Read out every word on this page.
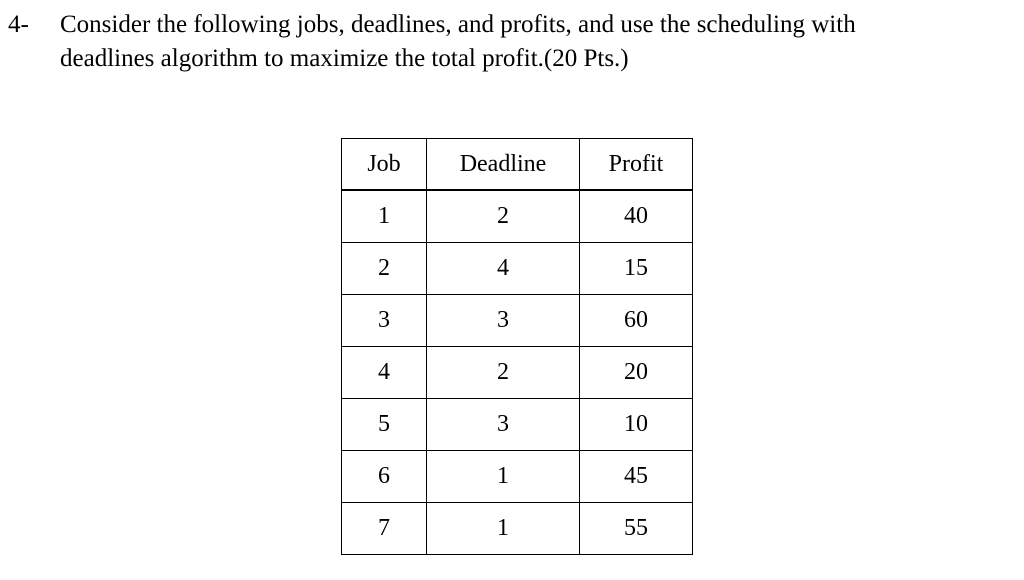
4- Consider the following jobs, deadlines, and profits, and use the scheduling with
deadlines algorithm to maximize the total profit.(20 Pts.)
Job	Deadline	Profit
1	2	40
2	4	15
3	3	60
4	2	20
5	3	10
6	1	45
7	1	55
